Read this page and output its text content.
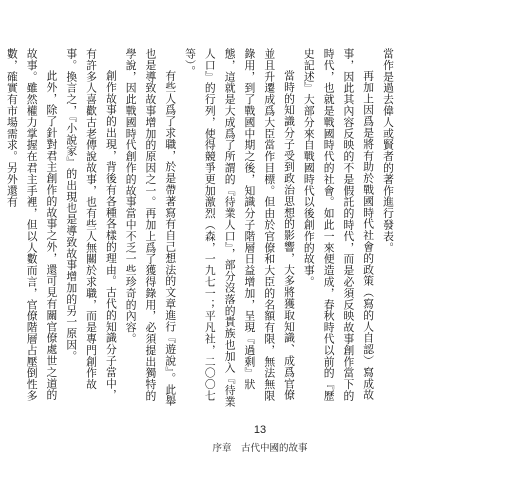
當作是過去偉人或賢者的著作進行發表。

再加上因爲是將有助於戰國時代社會的政策（寫的人自認）寫成故事，因此其內容反映的不是假託的時代，而是必須反映故事創作當下的時代，也就是戰國時代的社會。如此一來便造成，春秋時代以前的『歷史記述』大部分來自戰國時代以後創作的故事。

當時的知識分子受到政治思想的影響，大多將獲取知識、成爲官僚並且升遷成爲大臣當作目標。但由於官僚和大臣的名額有限，無法無限錄用，到了戰國中期之後，知識分子階層日益增加，呈現『過剩』狀態，這就是大成爲了所謂的『待業人口』，部分沒落的貴族也加入『待業人口』的行列，使得競爭更加激烈（森，一九七一；平凡社，二〇〇七等）。

有些人爲了求職，於是帶著寫有自己想法的文章進行『遊說』。此舉也是導致故事增加的原因之一。再加上爲了獲得錄用，必須提出獨特的學說，因此戰國時代創作的故事當中不乏一些珍奇的內容。

創作故事的出現，背後有各種各樣的理由。古代的知識分子當中，有許多人喜歡古老傳說故事，也有些人無關於求職，而是專門創作故事。換言之，『小說家』的出現也是導致故事增加的另一原因。

此外，除了針對君主創作的故事之外，還可見有關官僚處世之道的故事。雖然權力掌握在君主手裡，但以人數而言，官僚階層占壓倒性多數，確實有市場需求。另外還有

13
序章　古代中國的故事
